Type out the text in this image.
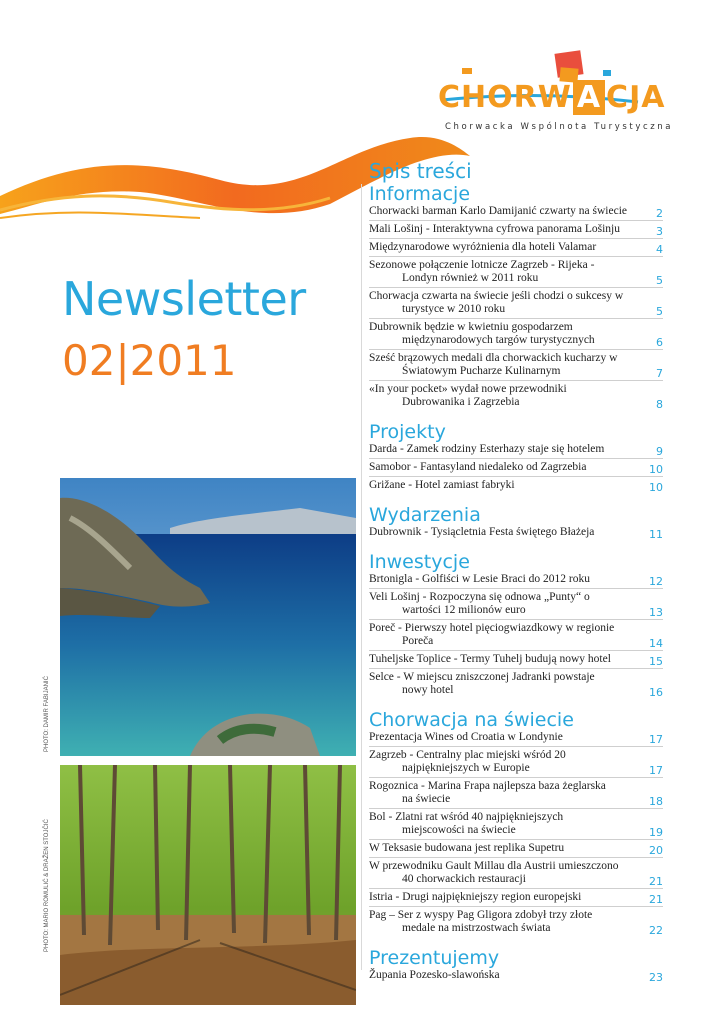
CHORW A CJA
Chorwacka Wspólnota Turystyczna
Newsletter
02|2011
PHOTO: DAMIR FABIJANIĆ
PHOTO: MARIO ROMULIĆ & DRAŽEN STOJČIĆ
Spis treści
Informacje
Chorwacki barman Karlo Damijanić czwarty na świecie	2
Mali Lošinj - Interaktywna cyfrowa panorama Lošinju	3
Międzynarodowe wyróżnienia dla hoteli Valamar	4
Sezonowe połączenie lotnicze Zagrzeb - Rijeka -
Londyn również w 2011 roku	5
Chorwacja czwarta na świecie jeśli chodzi o sukcesy w
turystyce w 2010 roku	5
Dubrownik będzie w kwietniu gospodarzem
międzynarodowych targów turystycznych	6
Sześć brązowych medali dla chorwackich kucharzy w
Światowym Pucharze Kulinarnym	7
«In your pocket» wydał nowe przewodniki
Dubrowanika i Zagrzebia	8
Projekty
Darda - Zamek rodziny Esterhazy staje się hotelem	9
Samobor - Fantasyland niedaleko od Zagrzebia	10
Grižane - Hotel zamiast fabryki	10
Wydarzenia
Dubrownik - Tysiącletnia Festa świętego Błażeja	11
Inwestycje
Brtonigla - Golfiści w Lesie Braci do 2012 roku	12
Veli Lošinj - Rozpoczyna się odnowa „Punty“ o
wartości 12 milionów euro	13
Poreč - Pierwszy hotel pięciogwiazdkowy w regionie
Poreča	14
Tuheljske Toplice - Termy Tuhelj budują nowy hotel	15
Selce - W miejscu zniszczonej Jadranki powstaje
nowy hotel	16
Chorwacja na świecie
Prezentacja Wines od Croatia w Londynie	17
Zagrzeb - Centralny plac miejski wśród 20
najpiękniejszych w Europie	17
Rogoznica - Marina Frapa najlepsza baza żeglarska
na świecie	18
Bol - Zlatni rat wśród 40 najpiękniejszych
miejscowości na świecie	19
W Teksasie budowana jest replika Supetru	20
W przewodniku Gault Millau dla Austrii umieszczono
40 chorwackich restauracji	21
Istria - Drugi najpiękniejszy region europejski	21
Pag – Ser z wyspy Pag Gligora zdobył trzy złote
medale na mistrzostwach świata	22
Prezentujemy
Župania Pozesko-slawońska	23
